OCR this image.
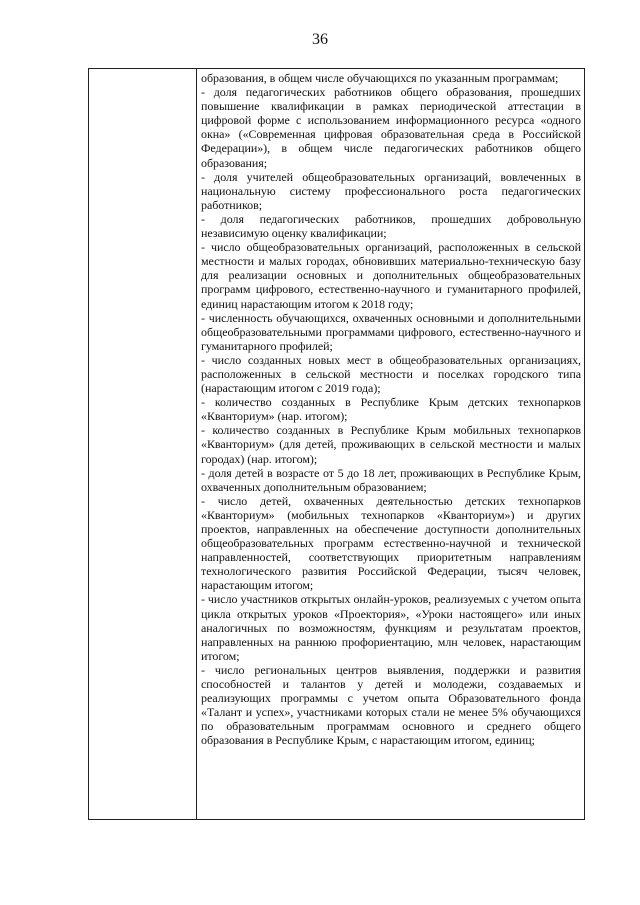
36

образования, в общем числе обучающихся по указанным программам;

- доля педагогических работников общего образования, прошедших повышение квалификации в рамках периодической аттестации в цифровой форме с использованием информационного ресурса «одного окна» («Современная цифровая образовательная среда в Российской Федерации»), в общем числе педагогических работников общего образования;

- доля учителей общеобразовательных организаций, вовлеченных в национальную систему профессионального роста педагогических работников;

- доля педагогических работников, прошедших добровольную независимую оценку квалификации;

- число общеобразовательных организаций, расположенных в сельской местности и малых городах, обновивших материально-техническую базу для реализации основных и дополнительных общеобразовательных программ цифрового, естественно-научного и гуманитарного профилей, единиц нарастающим итогом к 2018 году;

- численность обучающихся, охваченных основными и дополнительными общеобразовательными программами цифрового, естественно-научного и гуманитарного профилей;

- число созданных новых мест в общеобразовательных организациях, расположенных в сельской местности и поселках городского типа (нарастающим итогом с 2019 года);

- количество созданных в Республике Крым детских технопарков «Кванториум» (нар. итогом);

- количество созданных в Республике Крым мобильных технопарков «Кванториум» (для детей, проживающих в сельской местности и малых городах) (нар. итогом);

- доля детей в возрасте от 5 до 18 лет, проживающих в Республике Крым, охваченных дополнительным образованием;

- число детей, охваченных деятельностью детских технопарков «Кванториум» (мобильных технопарков «Кванториум») и других проектов, направленных на обеспечение доступности дополнительных общеобразовательных программ естественно-научной и технической направленностей, соответствующих приоритетным направлениям технологического развития Российской Федерации, тысяч человек, нарастающим итогом;

- число участников открытых онлайн-уроков, реализуемых с учетом опыта цикла открытых уроков «Проектория», «Уроки настоящего» или иных аналогичных по возможностям, функциям и результатам проектов, направленных на раннюю профориентацию, млн человек, нарастающим итогом;

- число региональных центров выявления, поддержки и развития способностей и талантов у детей и молодежи, создаваемых и реализующих программы с учетом опыта Образовательного фонда «Талант и успех», участниками которых стали не менее 5% обучающихся по образовательным программам основного и среднего общего образования в Республике Крым, с нарастающим итогом, единиц;
